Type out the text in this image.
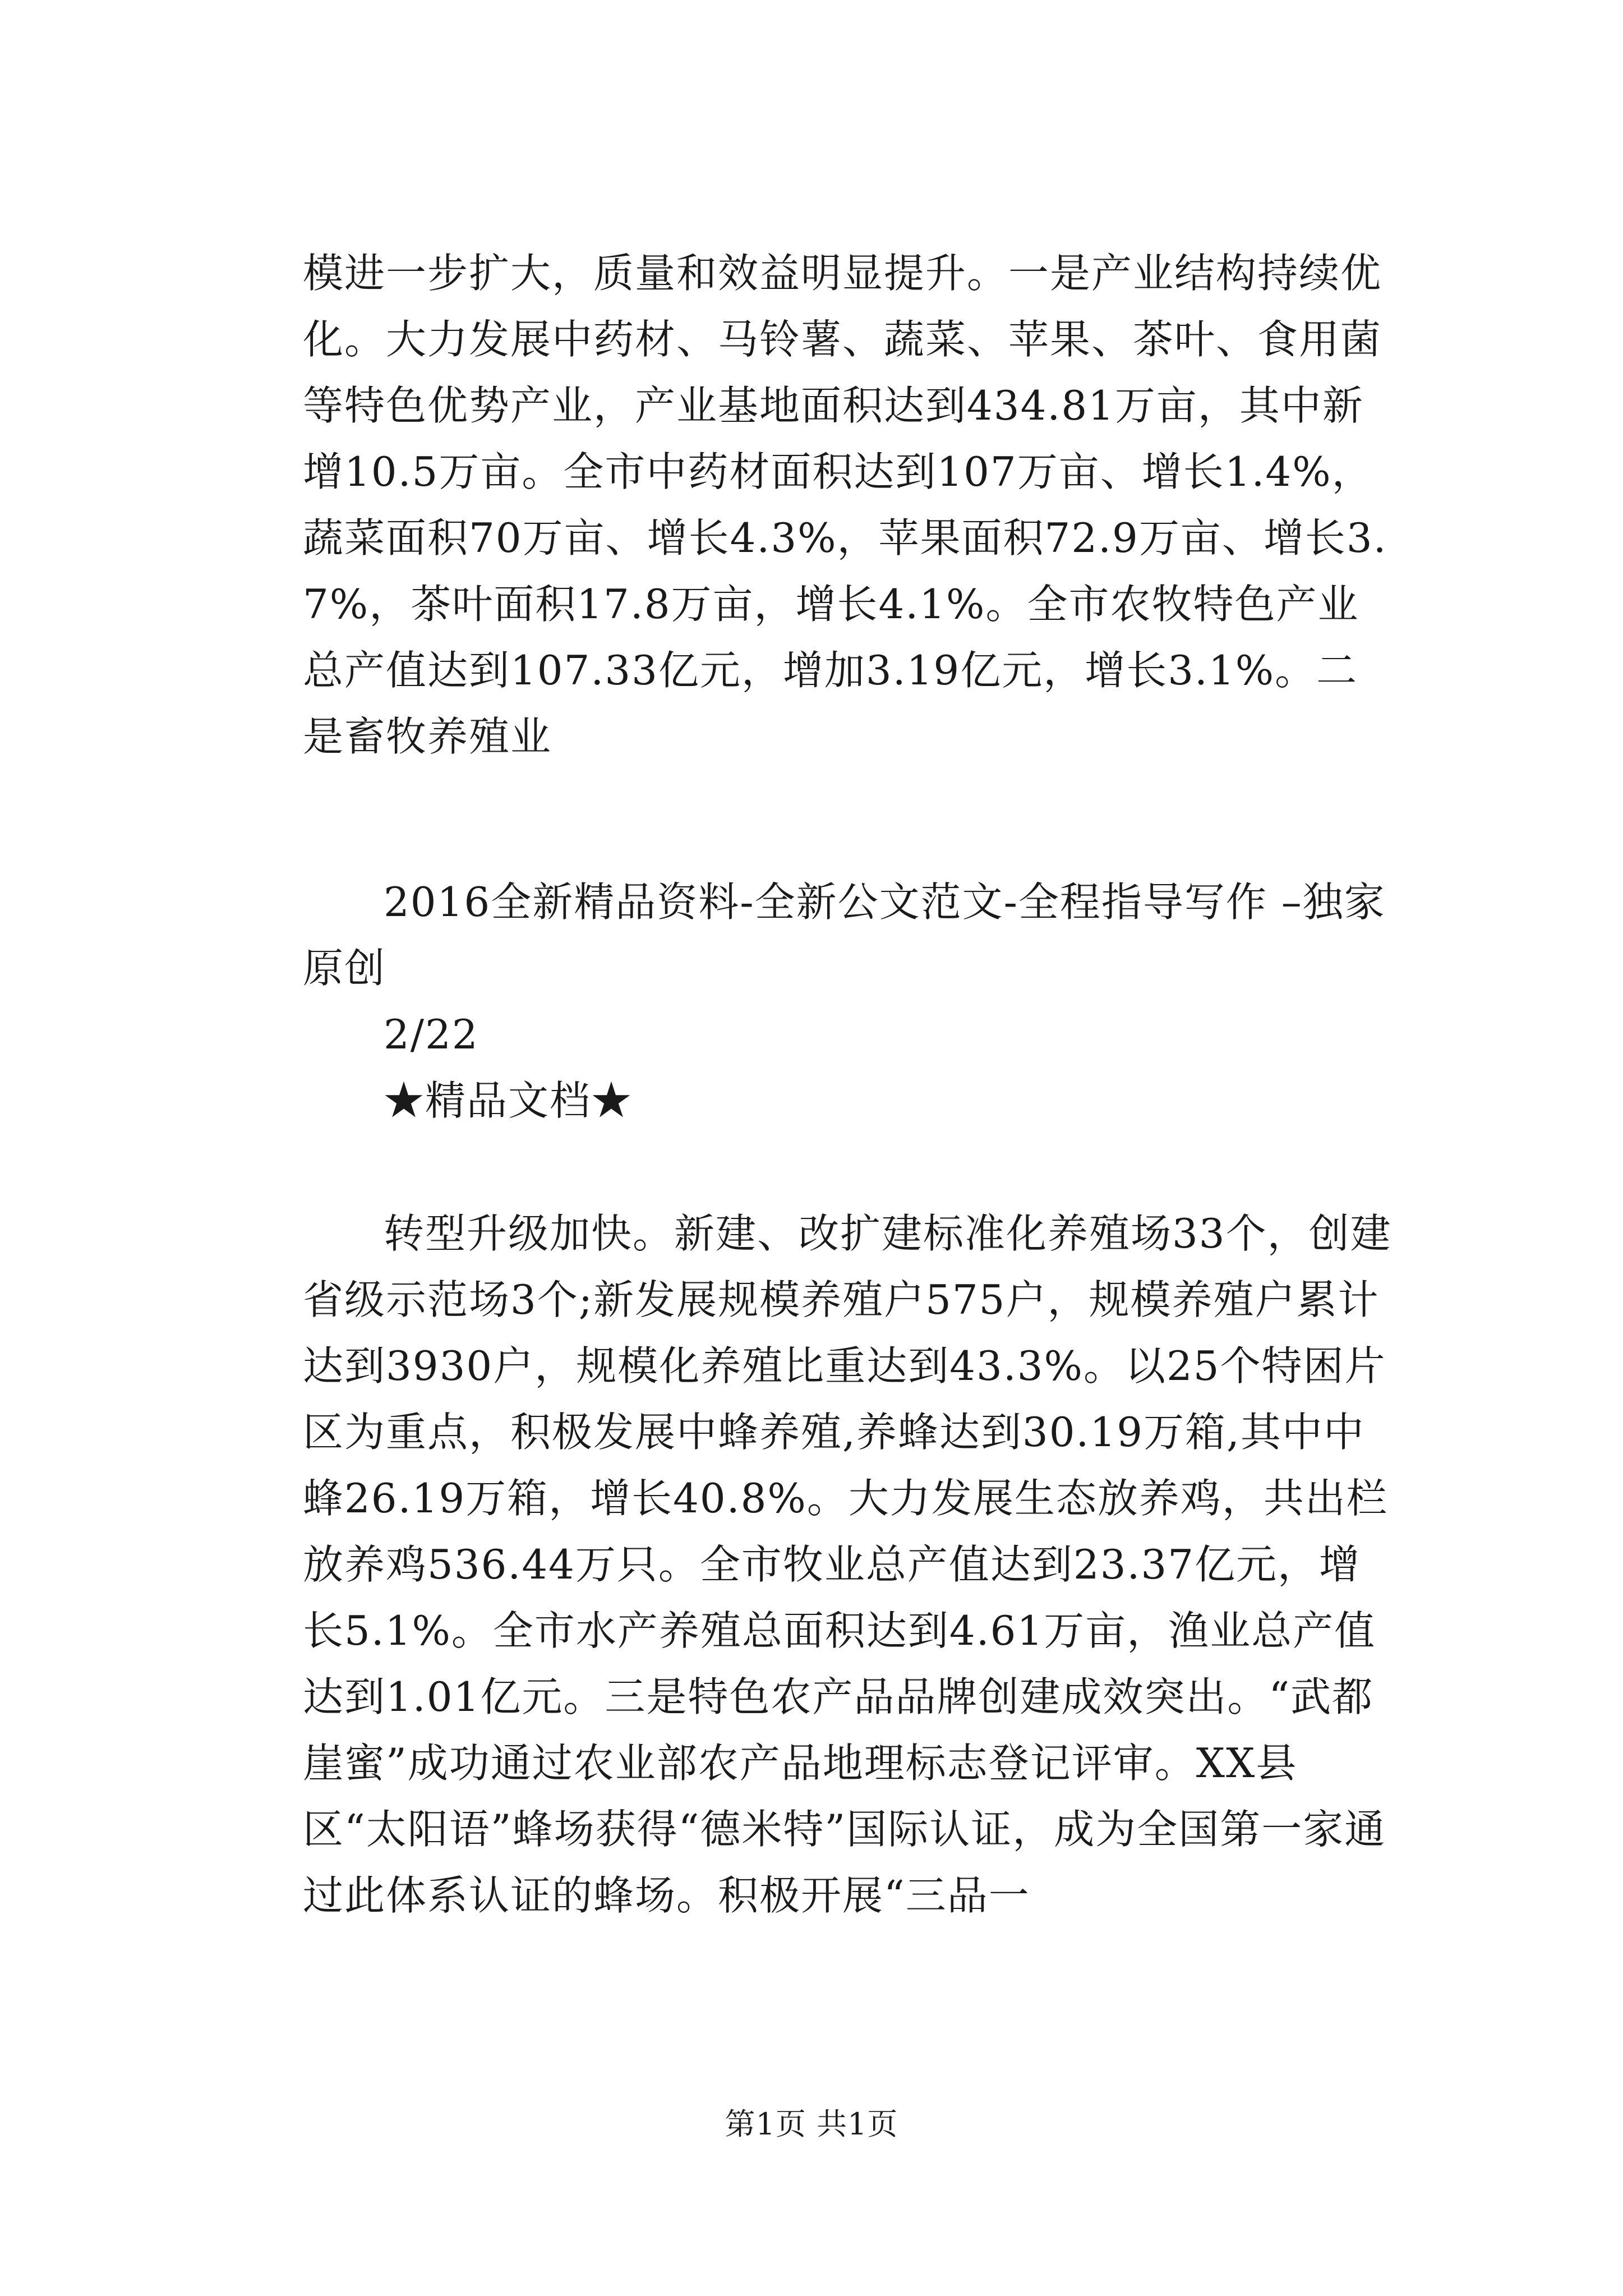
模进一步扩大，质量和效益明显提升。一是产业结构持续优化。大力发展中药材、马铃薯、蔬菜、苹果、茶叶、食用菌等特色优势产业，产业基地面积达到434.81万亩，其中新增10.5万亩。全市中药材面积达到107万亩、增长1.4%，蔬菜面积70万亩、增长4.3%，苹果面积72.9万亩、增长3.7%，茶叶面积17.8万亩，增长4.1%。全市农牧特色产业总产值达到107.33亿元，增加3.19亿元，增长3.1%。二是畜牧养殖业

2016全新精品资料-全新公文范文-全程指导写作 –独家原创

2/22

★精品文档★

转型升级加快。新建、改扩建标准化养殖场33个，创建省级示范场3个;新发展规模养殖户575户，规模养殖户累计达到3930户，规模化养殖比重达到43.3%。以25个特困片区为重点，积极发展中蜂养殖,养蜂达到30.19万箱,其中中蜂26.19万箱，增长40.8%。大力发展生态放养鸡，共出栏放养鸡536.44万只。全市牧业总产值达到23.37亿元，增长5.1%。全市水产养殖总面积达到4.61万亩，渔业总产值达到1.01亿元。三是特色农产品品牌创建成效突出。“武都崖蜜”成功通过农业部农产品地理标志登记评审。XX县区“太阳语”蜂场获得“德米特”国际认证，成为全国第一家通过此体系认证的蜂场。积极开展“三品一

第1页 共1页
